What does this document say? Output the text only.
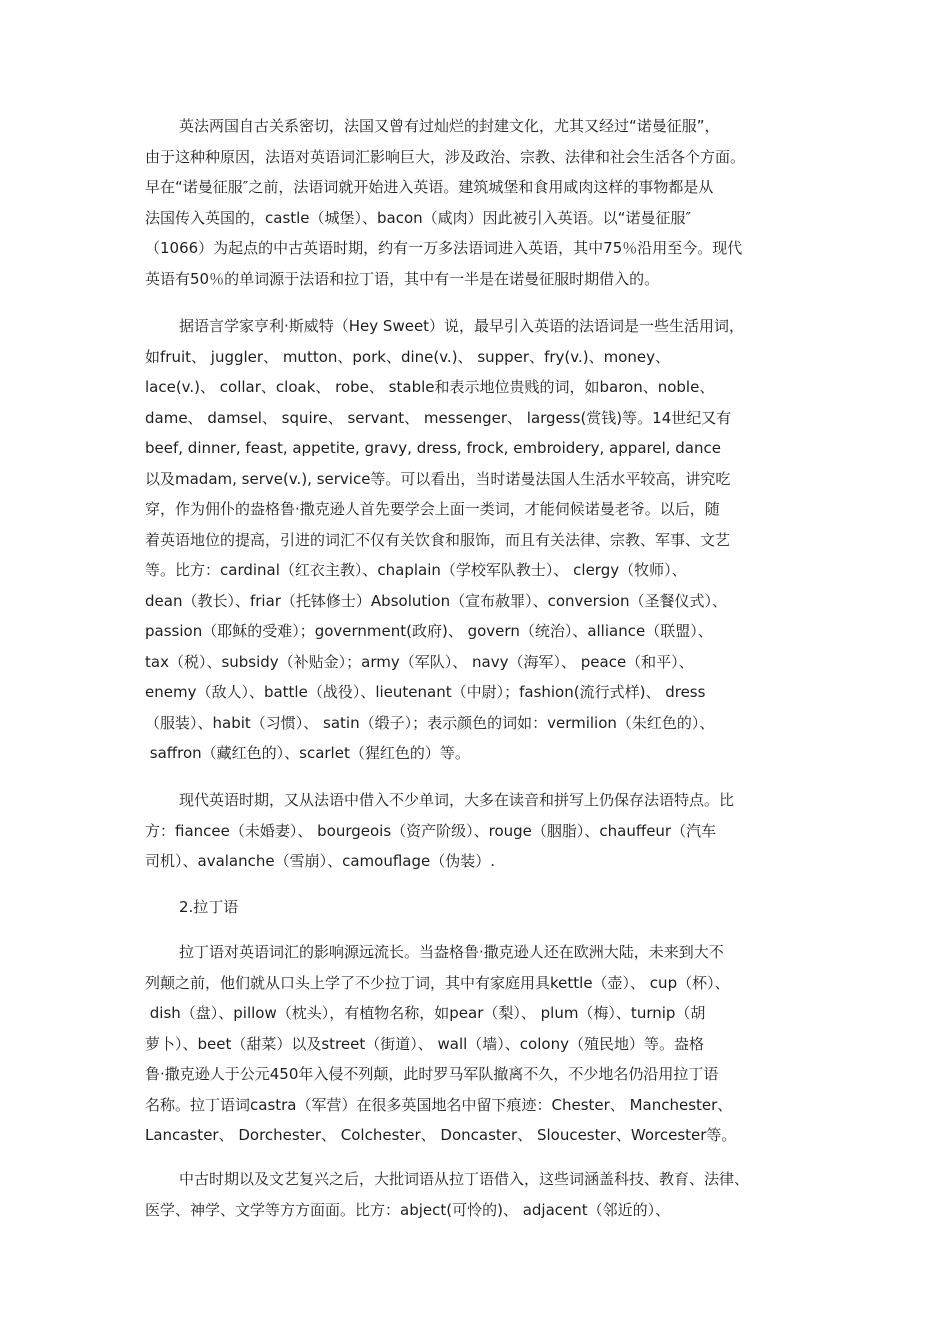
英法两国自古关系密切，法国又曾有过灿烂的封建文化，尤其又经过“诺曼征服”，
由于这种种原因，法语对英语词汇影响巨大，涉及政治、宗教、法律和社会生活各个方面。
早在“诺曼征服″之前，法语词就开始进入英语。建筑城堡和食用咸肉这样的事物都是从
法国传入英国的，castle（城堡）、bacon（咸肉）因此被引入英语。以“诺曼征服″
（1066）为起点的中古英语时期，约有一万多法语词进入英语，其中75％沿用至今。现代
英语有50％的单词源于法语和拉丁语，其中有一半是在诺曼征服时期借入的。
据语言学家亨利·斯威特（Hey Sweet）说，最早引入英语的法语词是一些生活用词，
如fruit、 juggler、 mutton、pork、dine(v.)、 supper、fry(v.)、money、
lace(v.)、 collar、cloak、 robe、 stable和表示地位贵贱的词，如baron、noble、
dame、 damsel、 squire、 servant、 messenger、 largess(赏钱)等。14世纪又有
beef, dinner, feast, appetite, gravy, dress, frock, embroidery, apparel, dance
以及madam, serve(v.), service等。可以看出，当时诺曼法国人生活水平较高，讲究吃
穿，作为佣仆的盎格鲁·撒克逊人首先要学会上面一类词，才能伺候诺曼老爷。以后，随
着英语地位的提高，引进的词汇不仅有关饮食和服饰，而且有关法律、宗教、军事、文艺
等。比方：cardinal（红衣主教）、chaplain（学校军队教士）、 clergy（牧师）、
dean（教长）、friar（托钵修士）Absolution（宣布赦罪）、conversion（圣餐仪式）、
passion（耶稣的受难）；government(政府)、 govern（统治）、alliance（联盟）、
tax（税）、subsidy（补贴金）；army（军队）、 navy（海军）、 peace（和平）、
enemy（敌人）、battle（战役）、lieutenant（中尉）；fashion(流行式样)、 dress
（服装）、habit（习惯）、 satin（缎子）；表示颜色的词如：vermilion（朱红色的）、
saffron（藏红色的）、scarlet（猩红色的）等。
现代英语时期，又从法语中借入不少单词，大多在读音和拼写上仍保存法语特点。比
方：fiancee（未婚妻）、 bourgeois（资产阶级）、rouge（胭脂）、chauffeur（汽车
司机）、avalanche（雪崩）、camouflage（伪装）.
2.拉丁语
拉丁语对英语词汇的影响源远流长。当盎格鲁·撒克逊人还在欧洲大陆，未来到大不
列颠之前，他们就从口头上学了不少拉丁词，其中有家庭用具kettle（壶）、 cup（杯）、
dish（盘）、pillow（枕头），有植物名称，如pear（梨）、 plum（梅）、turnip（胡
萝卜）、beet（甜菜）以及street（街道）、 wall（墙）、colony（殖民地）等。盎格
鲁·撒克逊人于公元450年入侵不列颠，此时罗马军队撤离不久，不少地名仍沿用拉丁语
名称。拉丁语词castra（军营）在很多英国地名中留下痕迹：Chester、 Manchester、
Lancaster、 Dorchester、 Colchester、 Doncaster、 Sloucester、Worcester等。
中古时期以及文艺复兴之后，大批词语从拉丁语借入，这些词涵盖科技、教育、法律、
医学、神学、文学等方方面面。比方：abject(可怜的)、 adjacent（邻近的）、
